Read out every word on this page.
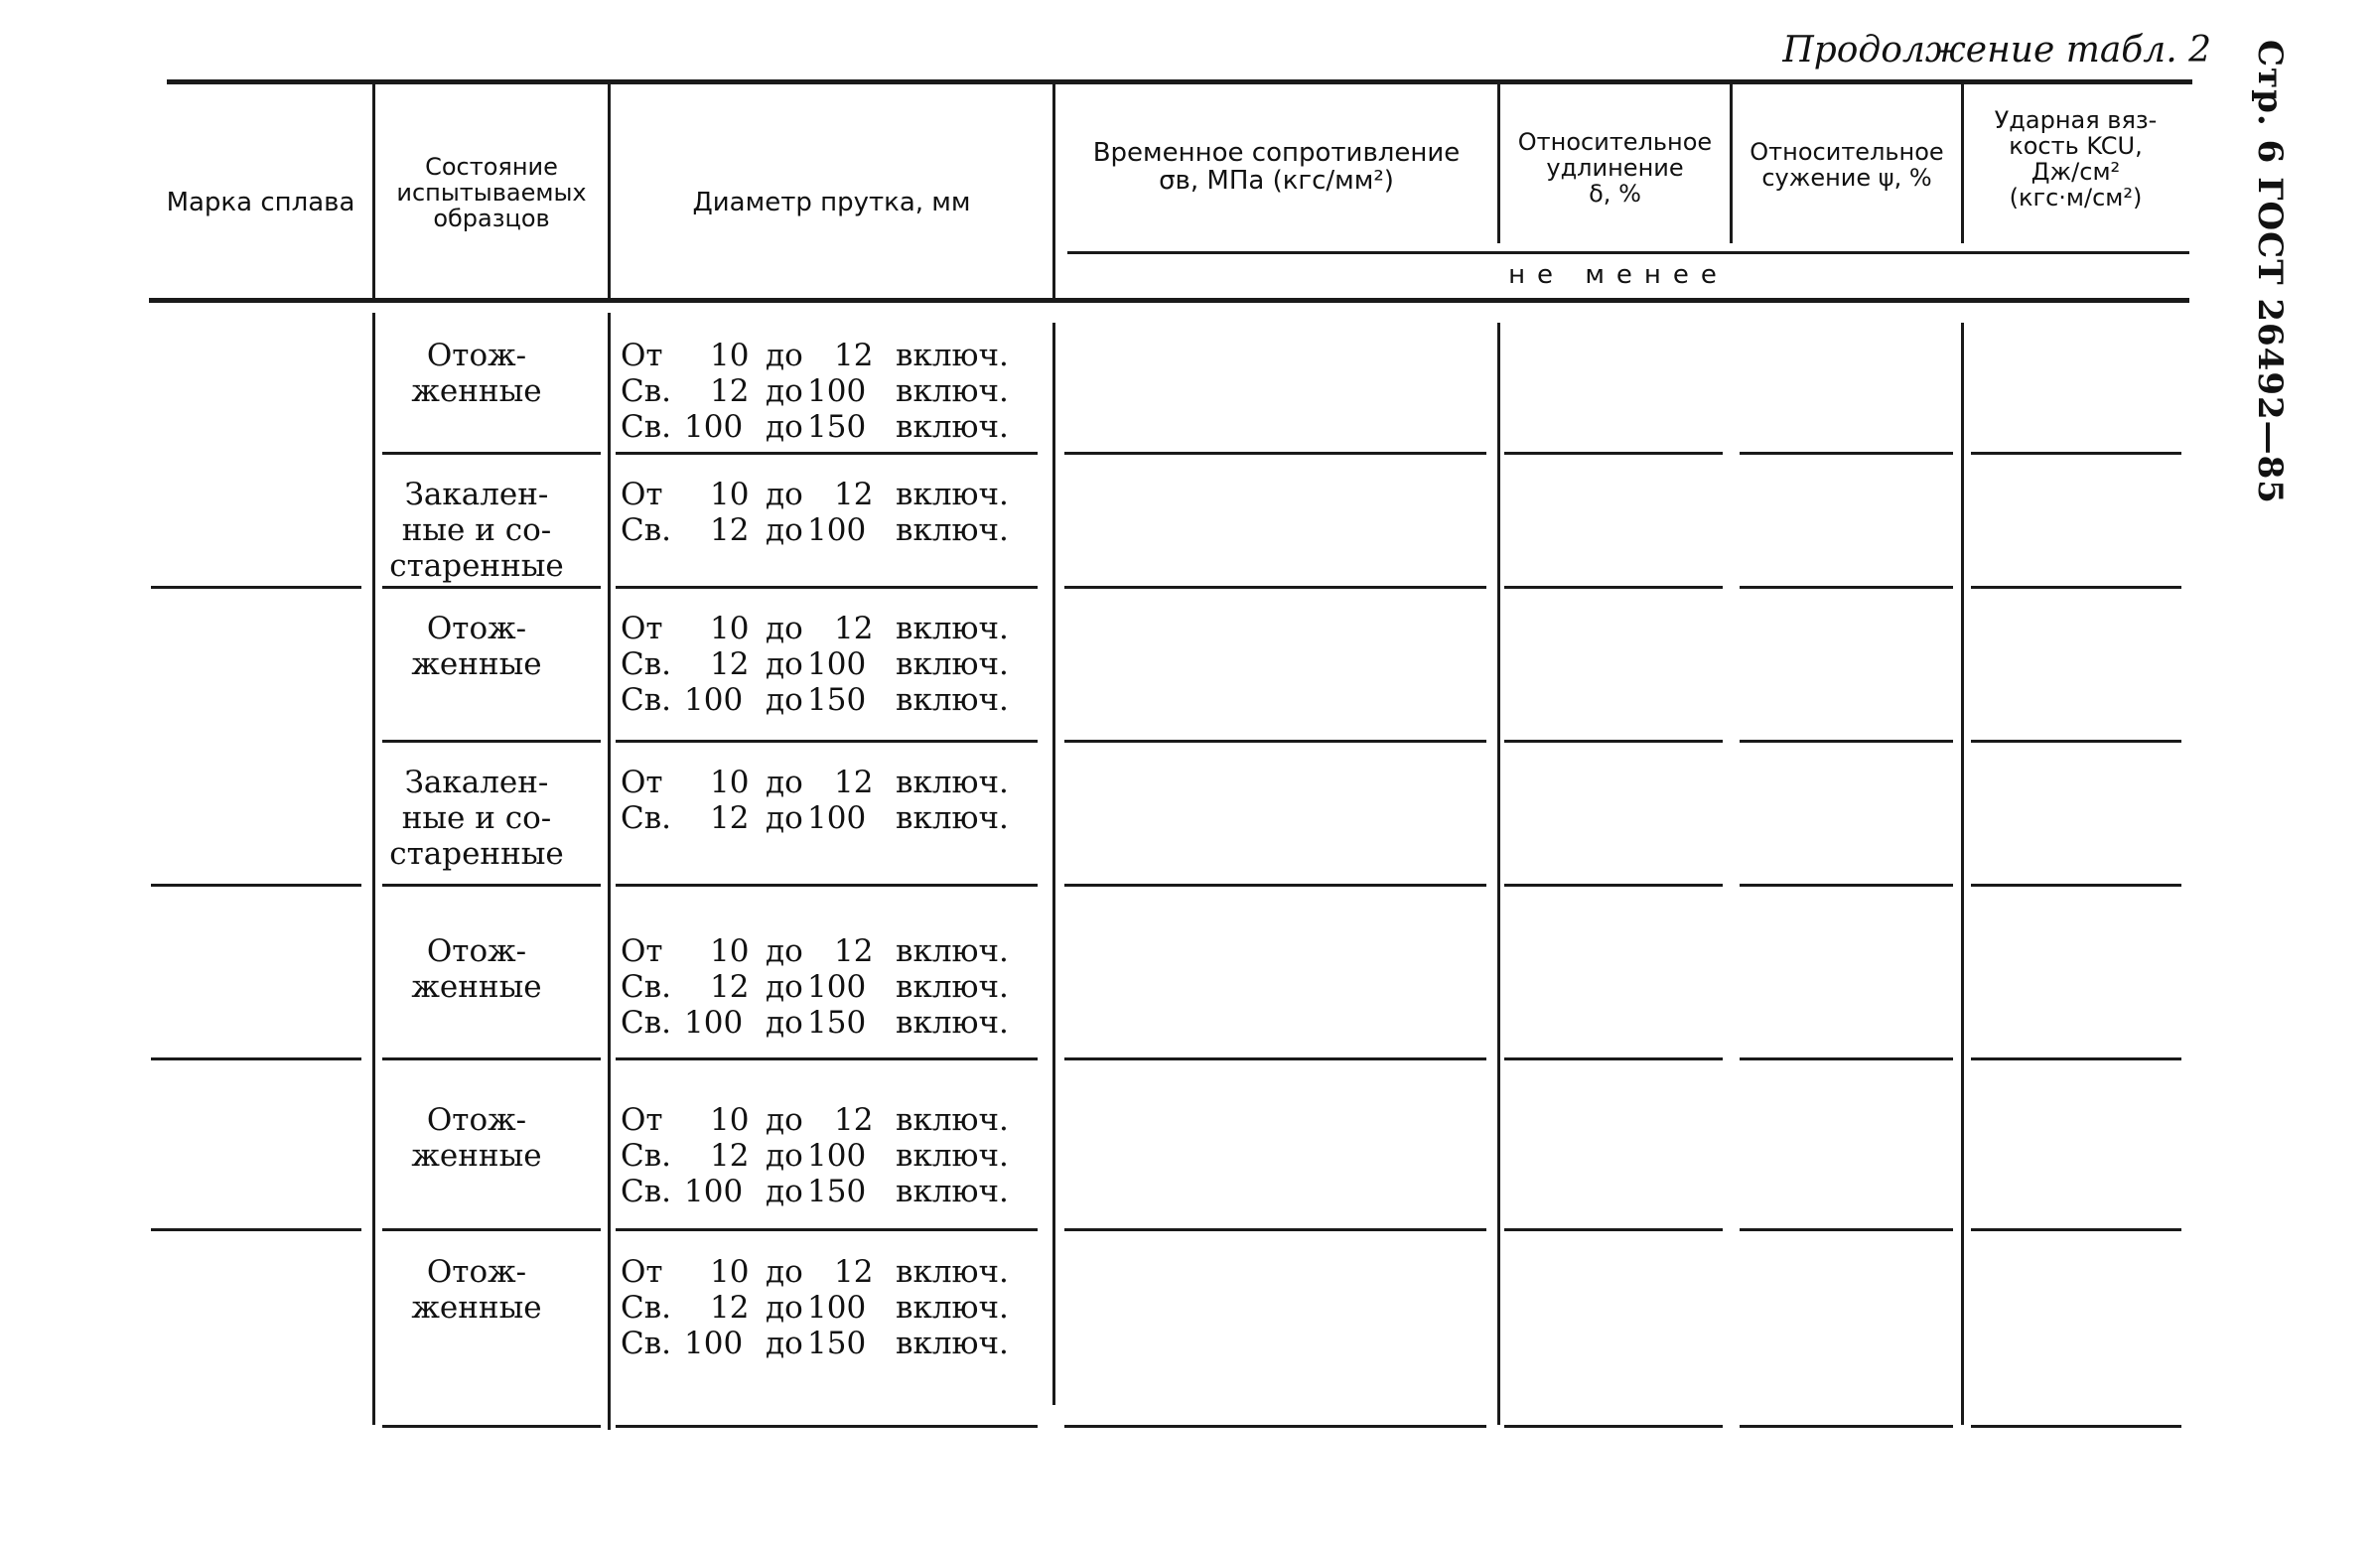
Продолжение табл. 2 Стр. 6 ГОСТ 26492—85
Марка сплава
Состояние
испытываемых
образцов
Диаметр прутка, мм
Временное сопротивление
σв, МПа (кгс/мм²)
Относительное
удлинение
δ, %
Относительное
сужение ψ, %
Ударная вяз-
кость KCU,
Дж/см²
(кгс·м/см²)
не менее
Отож-
женные
От 10 до 12 включ.
Св. 12 до 100 включ.
Св. 100 до 150 включ.
Закален-
ные и со-
старенные
От 10 до 12 включ.
Св. 12 до 100 включ.
Отож-
женные
От 10 до 12 включ.
Св. 12 до 100 включ.
Св. 100 до 150 включ.
Закален-
ные и со-
старенные
От 10 до 12 включ.
Св. 12 до 100 включ.
Отож-
женные
От 10 до 12 включ.
Св. 12 до 100 включ.
Св. 100 до 150 включ.
Отож-
женные
От 10 до 12 включ.
Св. 12 до 100 включ.
Св. 100 до 150 включ.
Отож-
женные
От 10 до 12 включ.
Св. 12 до 100 включ.
Св. 100 до 150 включ.
